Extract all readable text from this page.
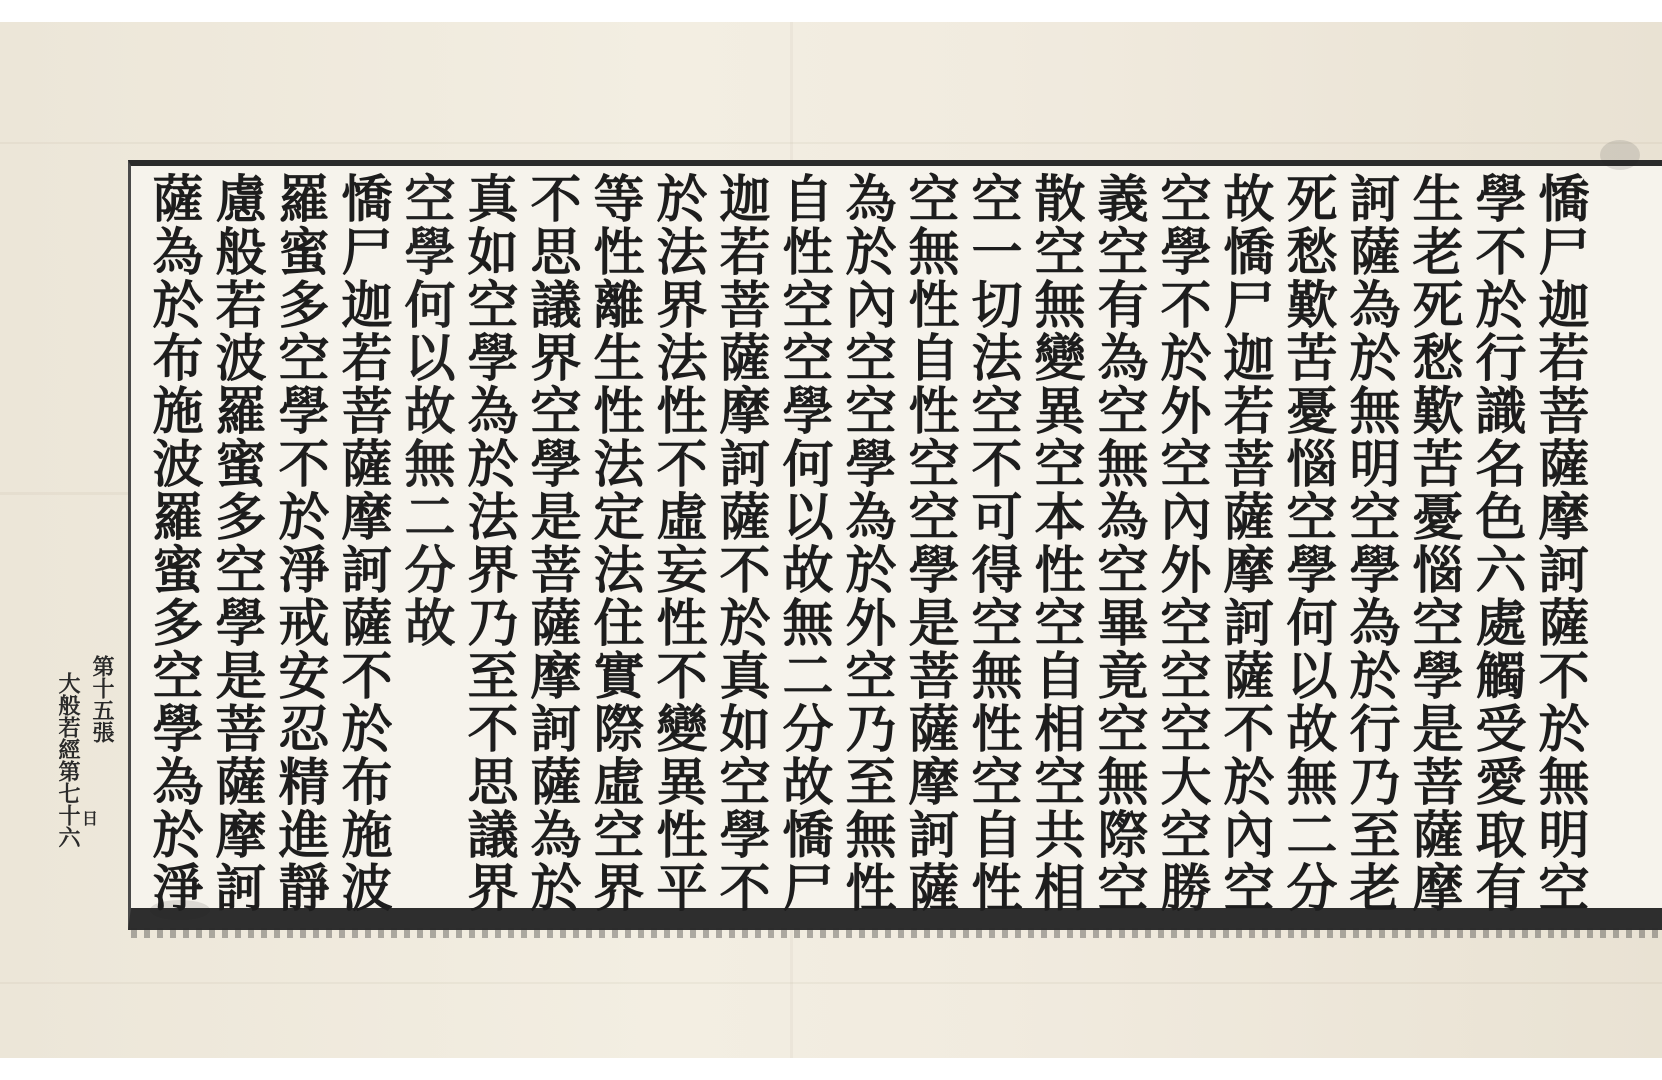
憍尸迦若菩薩摩訶薩不於無明空
學不於行識名色六處觸受愛取有
生老死愁歎苦憂惱空學是菩薩摩
訶薩為於無明空學為於行乃至老
死愁歎苦憂惱空學何以故無二分
故憍尸迦若菩薩摩訶薩不於內空
空學不於外空內外空空空大空勝
義空有為空無為空畢竟空無際空
散空無變異空本性空自相空共相
空一切法空不可得空無性空自性
空無性自性空空學是菩薩摩訶薩
為於內空空學為於外空乃至無性
自性空空學何以故無二分故憍尸
迦若菩薩摩訶薩不於真如空學不
於法界法性不虛妄性不變異性平
等性離生性法定法住實際虛空界
不思議界空學是菩薩摩訶薩為於
真如空學為於法界乃至不思議界
空學何以故無二分故
憍尸迦若菩薩摩訶薩不於布施波
羅蜜多空學不於淨戒安忍精進靜
慮般若波羅蜜多空學是菩薩摩訶
薩為於布施波羅蜜多空學為於淨
大般若經第七十六 第十五張
日
